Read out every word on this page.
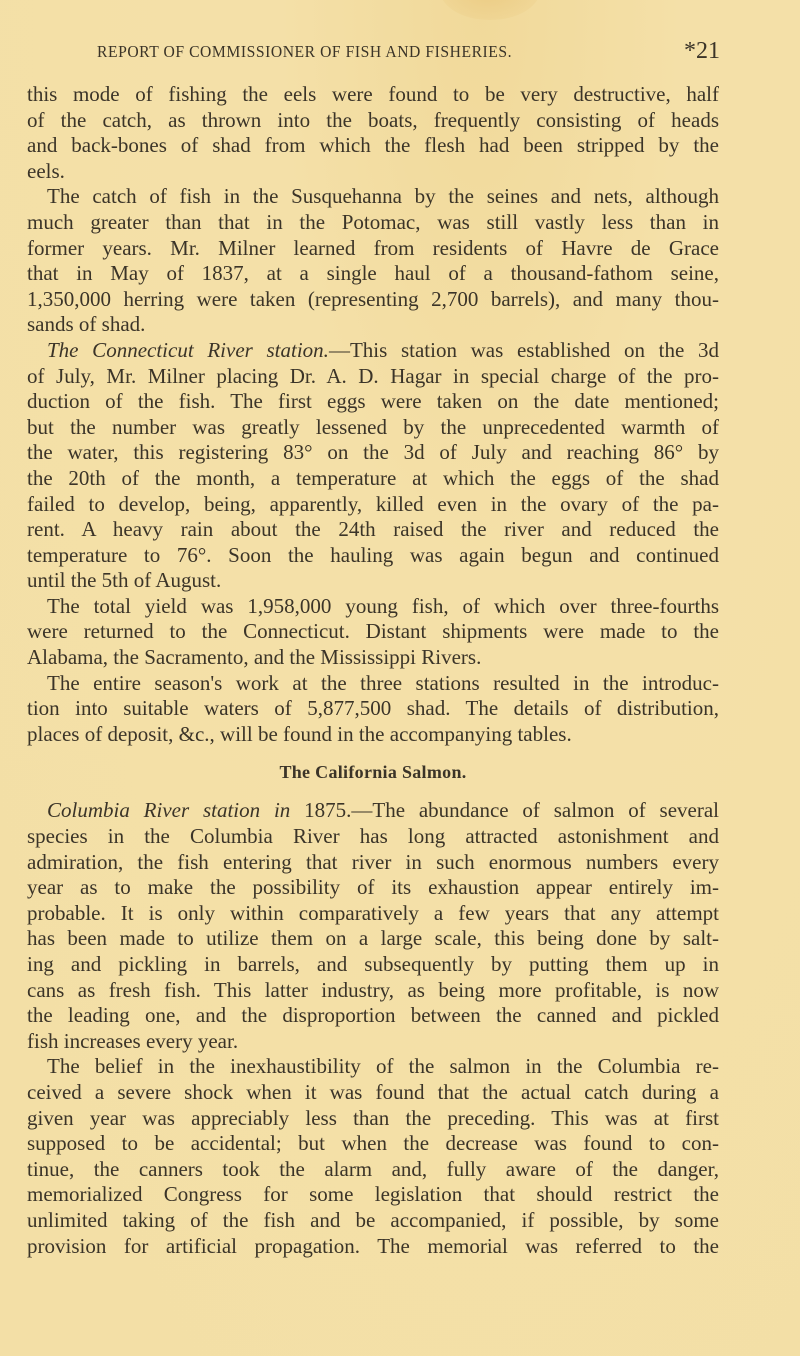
REPORT OF COMMISSIONER OF FISH AND FISHERIES.	*21
this mode of fishing the eels were found to be very destructive, half
of the catch, as thrown into the boats, frequently consisting of heads
and back-bones of shad from which the flesh had been stripped by the
eels.
The catch of fish in the Susquehanna by the seines and nets, although
much greater than that in the Potomac, was still vastly less than in
former years. Mr. Milner learned from residents of Havre de Grace
that in May of 1837, at a single haul of a thousand-fathom seine,
1,350,000 herring were taken (representing 2,700 barrels), and many thou-
sands of shad.
The Connecticut River station.—This station was established on the 3d
of July, Mr. Milner placing Dr. A. D. Hagar in special charge of the pro-
duction of the fish. The first eggs were taken on the date mentioned;
but the number was greatly lessened by the unprecedented warmth of
the water, this registering 83° on the 3d of July and reaching 86° by
the 20th of the month, a temperature at which the eggs of the shad
failed to develop, being, apparently, killed even in the ovary of the pa-
rent. A heavy rain about the 24th raised the river and reduced the
temperature to 76°. Soon the hauling was again begun and continued
until the 5th of August.
The total yield was 1,958,000 young fish, of which over three-fourths
were returned to the Connecticut. Distant shipments were made to the
Alabama, the Sacramento, and the Mississippi Rivers.
The entire season's work at the three stations resulted in the introduc-
tion into suitable waters of 5,877,500 shad. The details of distribution,
places of deposit, &c., will be found in the accompanying tables.
The California Salmon.
Columbia River station in 1875.—The abundance of salmon of several
species in the Columbia River has long attracted astonishment and
admiration, the fish entering that river in such enormous numbers every
year as to make the possibility of its exhaustion appear entirely im-
probable. It is only within comparatively a few years that any attempt
has been made to utilize them on a large scale, this being done by salt-
ing and pickling in barrels, and subsequently by putting them up in
cans as fresh fish. This latter industry, as being more profitable, is now
the leading one, and the disproportion between the canned and pickled
fish increases every year.
The belief in the inexhaustibility of the salmon in the Columbia re-
ceived a severe shock when it was found that the actual catch during a
given year was appreciably less than the preceding. This was at first
supposed to be accidental; but when the decrease was found to con-
tinue, the canners took the alarm and, fully aware of the danger,
memorialized Congress for some legislation that should restrict the
unlimited taking of the fish and be accompanied, if possible, by some
provision for artificial propagation. The memorial was referred to the
